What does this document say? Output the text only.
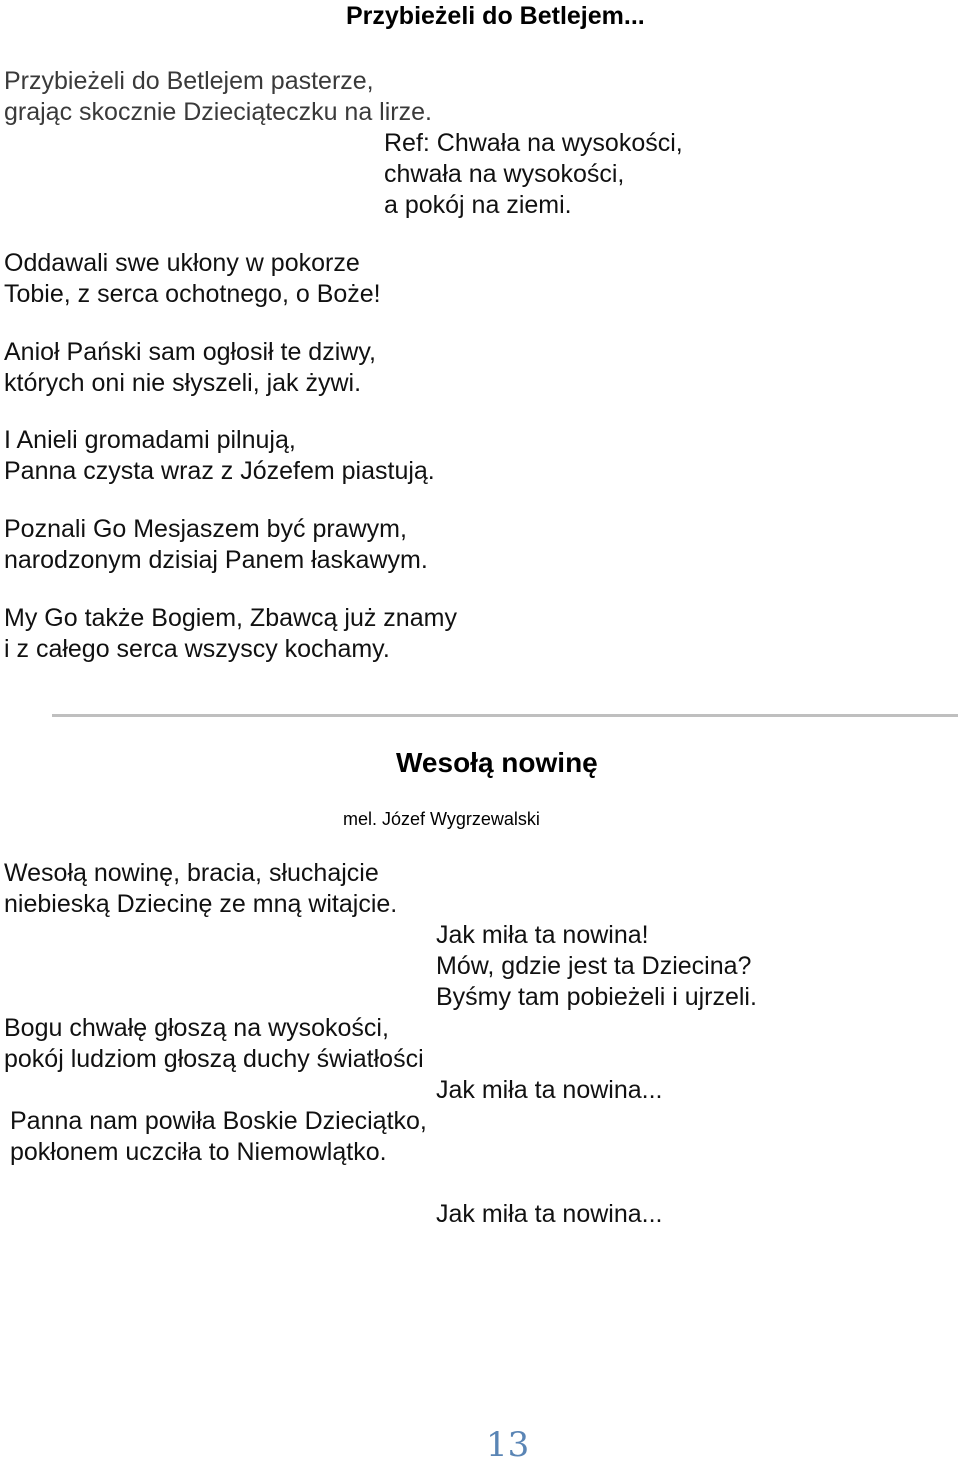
Przybieżeli do Betlejem...
Przybieżeli do Betlejem pasterze,
grając skocznie Dzieciąteczku na lirze.
Ref: Chwała na wysokości,
chwała na wysokości,
a pokój na ziemi.
Oddawali swe ukłony w pokorze
Tobie, z serca ochotnego, o Boże!
Anioł Pański sam ogłosił te dziwy,
których oni nie słyszeli, jak żywi.
I Anieli gromadami pilnują,
Panna czysta wraz z Józefem piastują.
Poznali Go Mesjaszem być prawym,
narodzonym dzisiaj Panem łaskawym.
My Go także Bogiem, Zbawcą już znamy
i z całego serca wszyscy kochamy.
Wesołą nowinę
mel. Józef Wygrzewalski
Wesołą nowinę, bracia, słuchajcie
niebieską Dziecinę ze mną witajcie.
Jak miła ta nowina!
Mów, gdzie jest ta Dziecina?
Byśmy tam pobieżeli i ujrzeli.
Bogu chwałę głoszą na wysokości,
pokój ludziom głoszą duchy światłości
Jak miła ta nowina...
Panna nam powiła Boskie Dzieciątko,
pokłonem uczciła to Niemowlątko.
Jak miła ta nowina...
13
